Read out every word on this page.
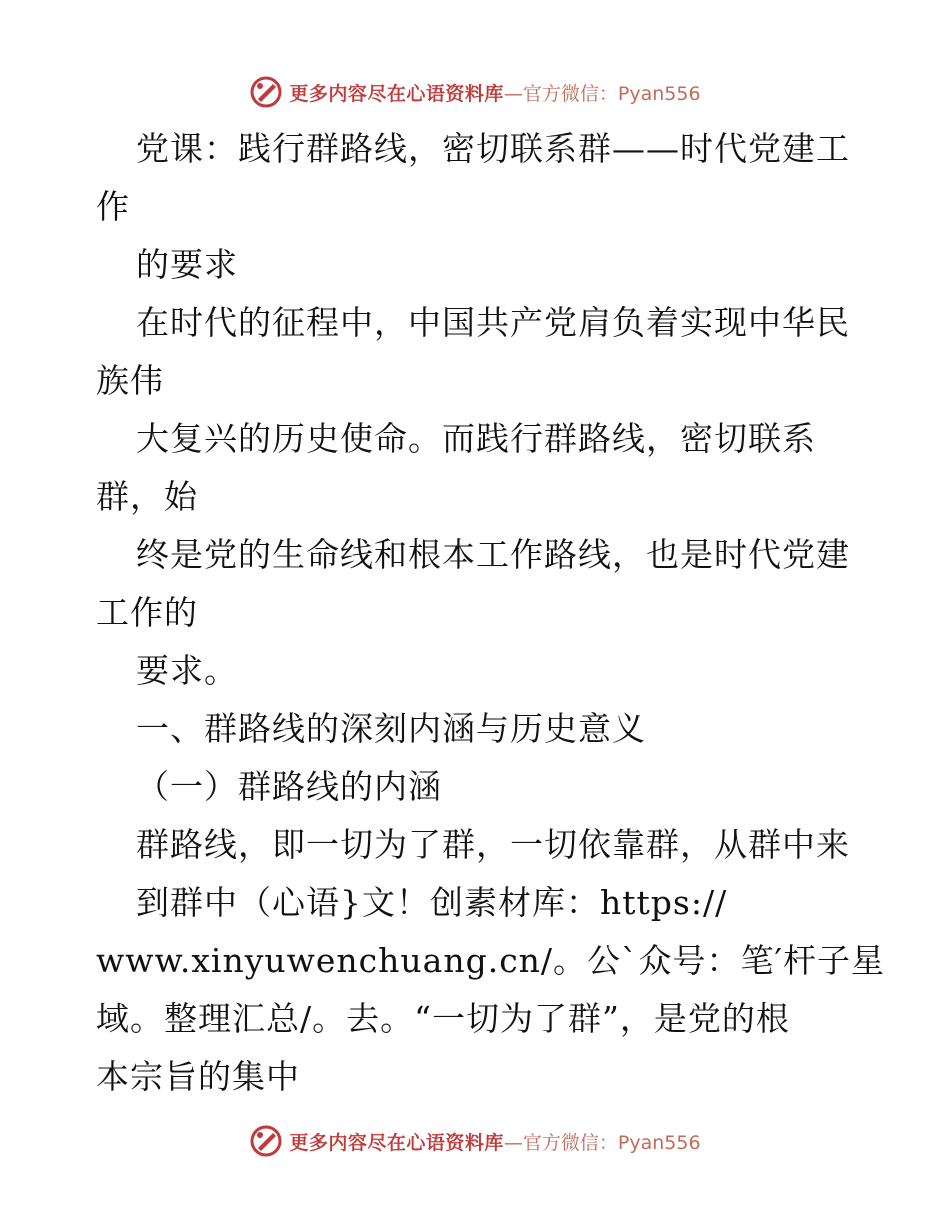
更多内容尽在心语资料库 —官方微信：Pyan556
党课：践行群路线，密切联系群——时代党建工
作
的要求
在时代的征程中，中国共产党肩负着实现中华民
族伟
大复兴的历史使命。而践行群路线，密切联系
群，始
终是党的生命线和根本工作路线，也是时代党建
工作的
要求。
一、群路线的深刻内涵与历史意义
（一）群路线的内涵
群路线，即一切为了群，一切依靠群，从群中来
到群中（心语}文！创素材库：https://
www.xinyuwenchuang.cn/。公`众号：笔′杆子星
域。整理汇总/。去。“一切为了群”，是党的根
本宗旨的集中
更多内容尽在心语资料库 —官方微信：Pyan556
